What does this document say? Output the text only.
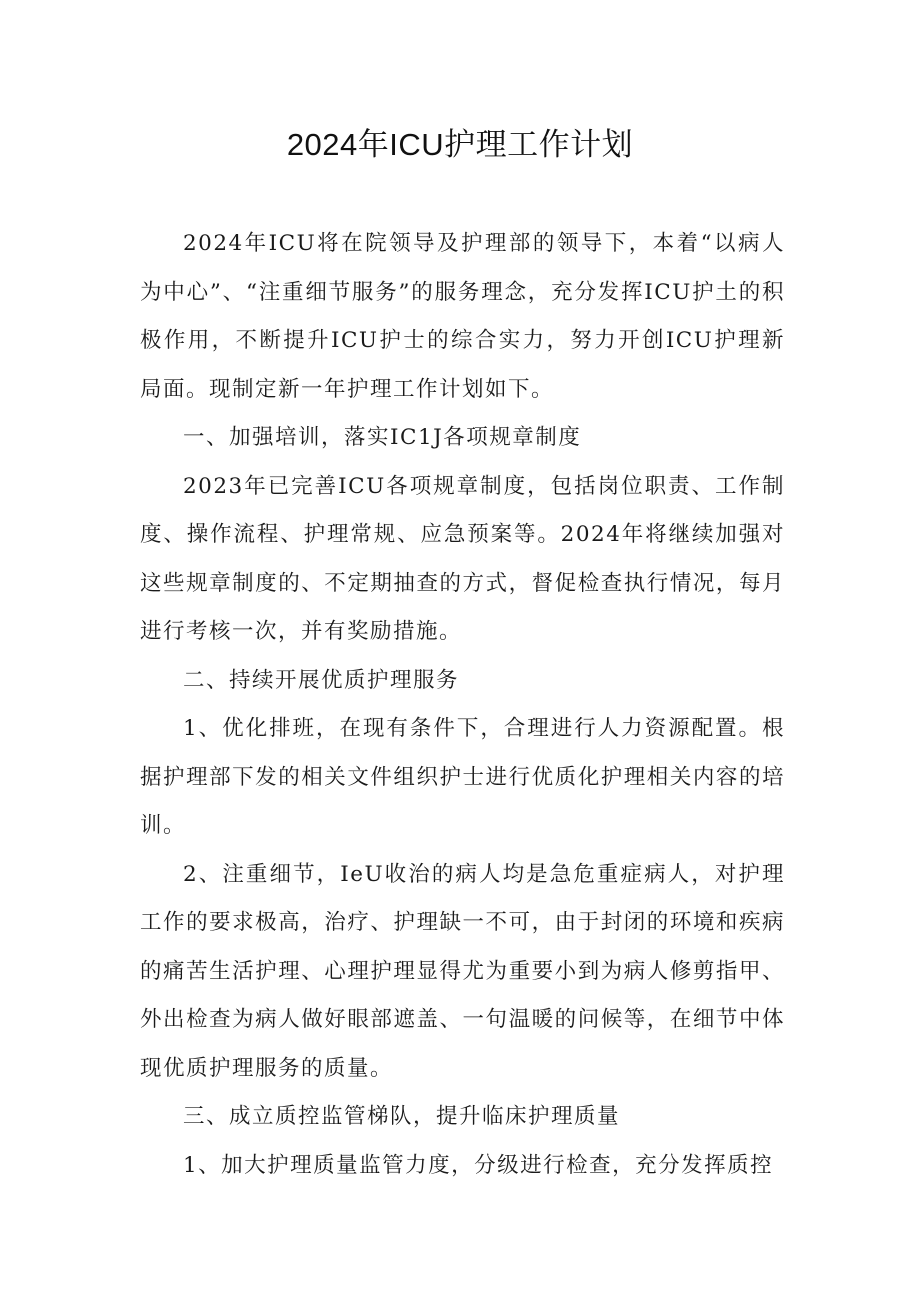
2024年ICU护理工作计划

2024年ICU将在院领导及护理部的领导下，本着“以病人为中心”、“注重细节服务”的服务理念，充分发挥ICU护土的积极作用，不断提升ICU护士的综合实力，努力开创ICU护理新局面。现制定新一年护理工作计划如下。

一、加强培训，落实IC1J各项规章制度

2023年已完善ICU各项规章制度，包括岗位职责、工作制度、操作流程、护理常规、应急预案等。2024年将继续加强对这些规章制度的、不定期抽查的方式，督促检查执行情况，每月进行考核一次，并有奖励措施。

二、持续开展优质护理服务

1、优化排班，在现有条件下，合理进行人力资源配置。根据护理部下发的相关文件组织护士进行优质化护理相关内容的培训。

2、注重细节，IeU收治的病人均是急危重症病人，对护理工作的要求极高，治疗、护理缺一不可，由于封闭的环境和疾病的痛苦生活护理、心理护理显得尤为重要小到为病人修剪指甲、外出检查为病人做好眼部遮盖、一句温暖的问候等，在细节中体现优质护理服务的质量。

三、成立质控监管梯队，提升临床护理质量

1、加大护理质量监管力度，分级进行检查，充分发挥质控
